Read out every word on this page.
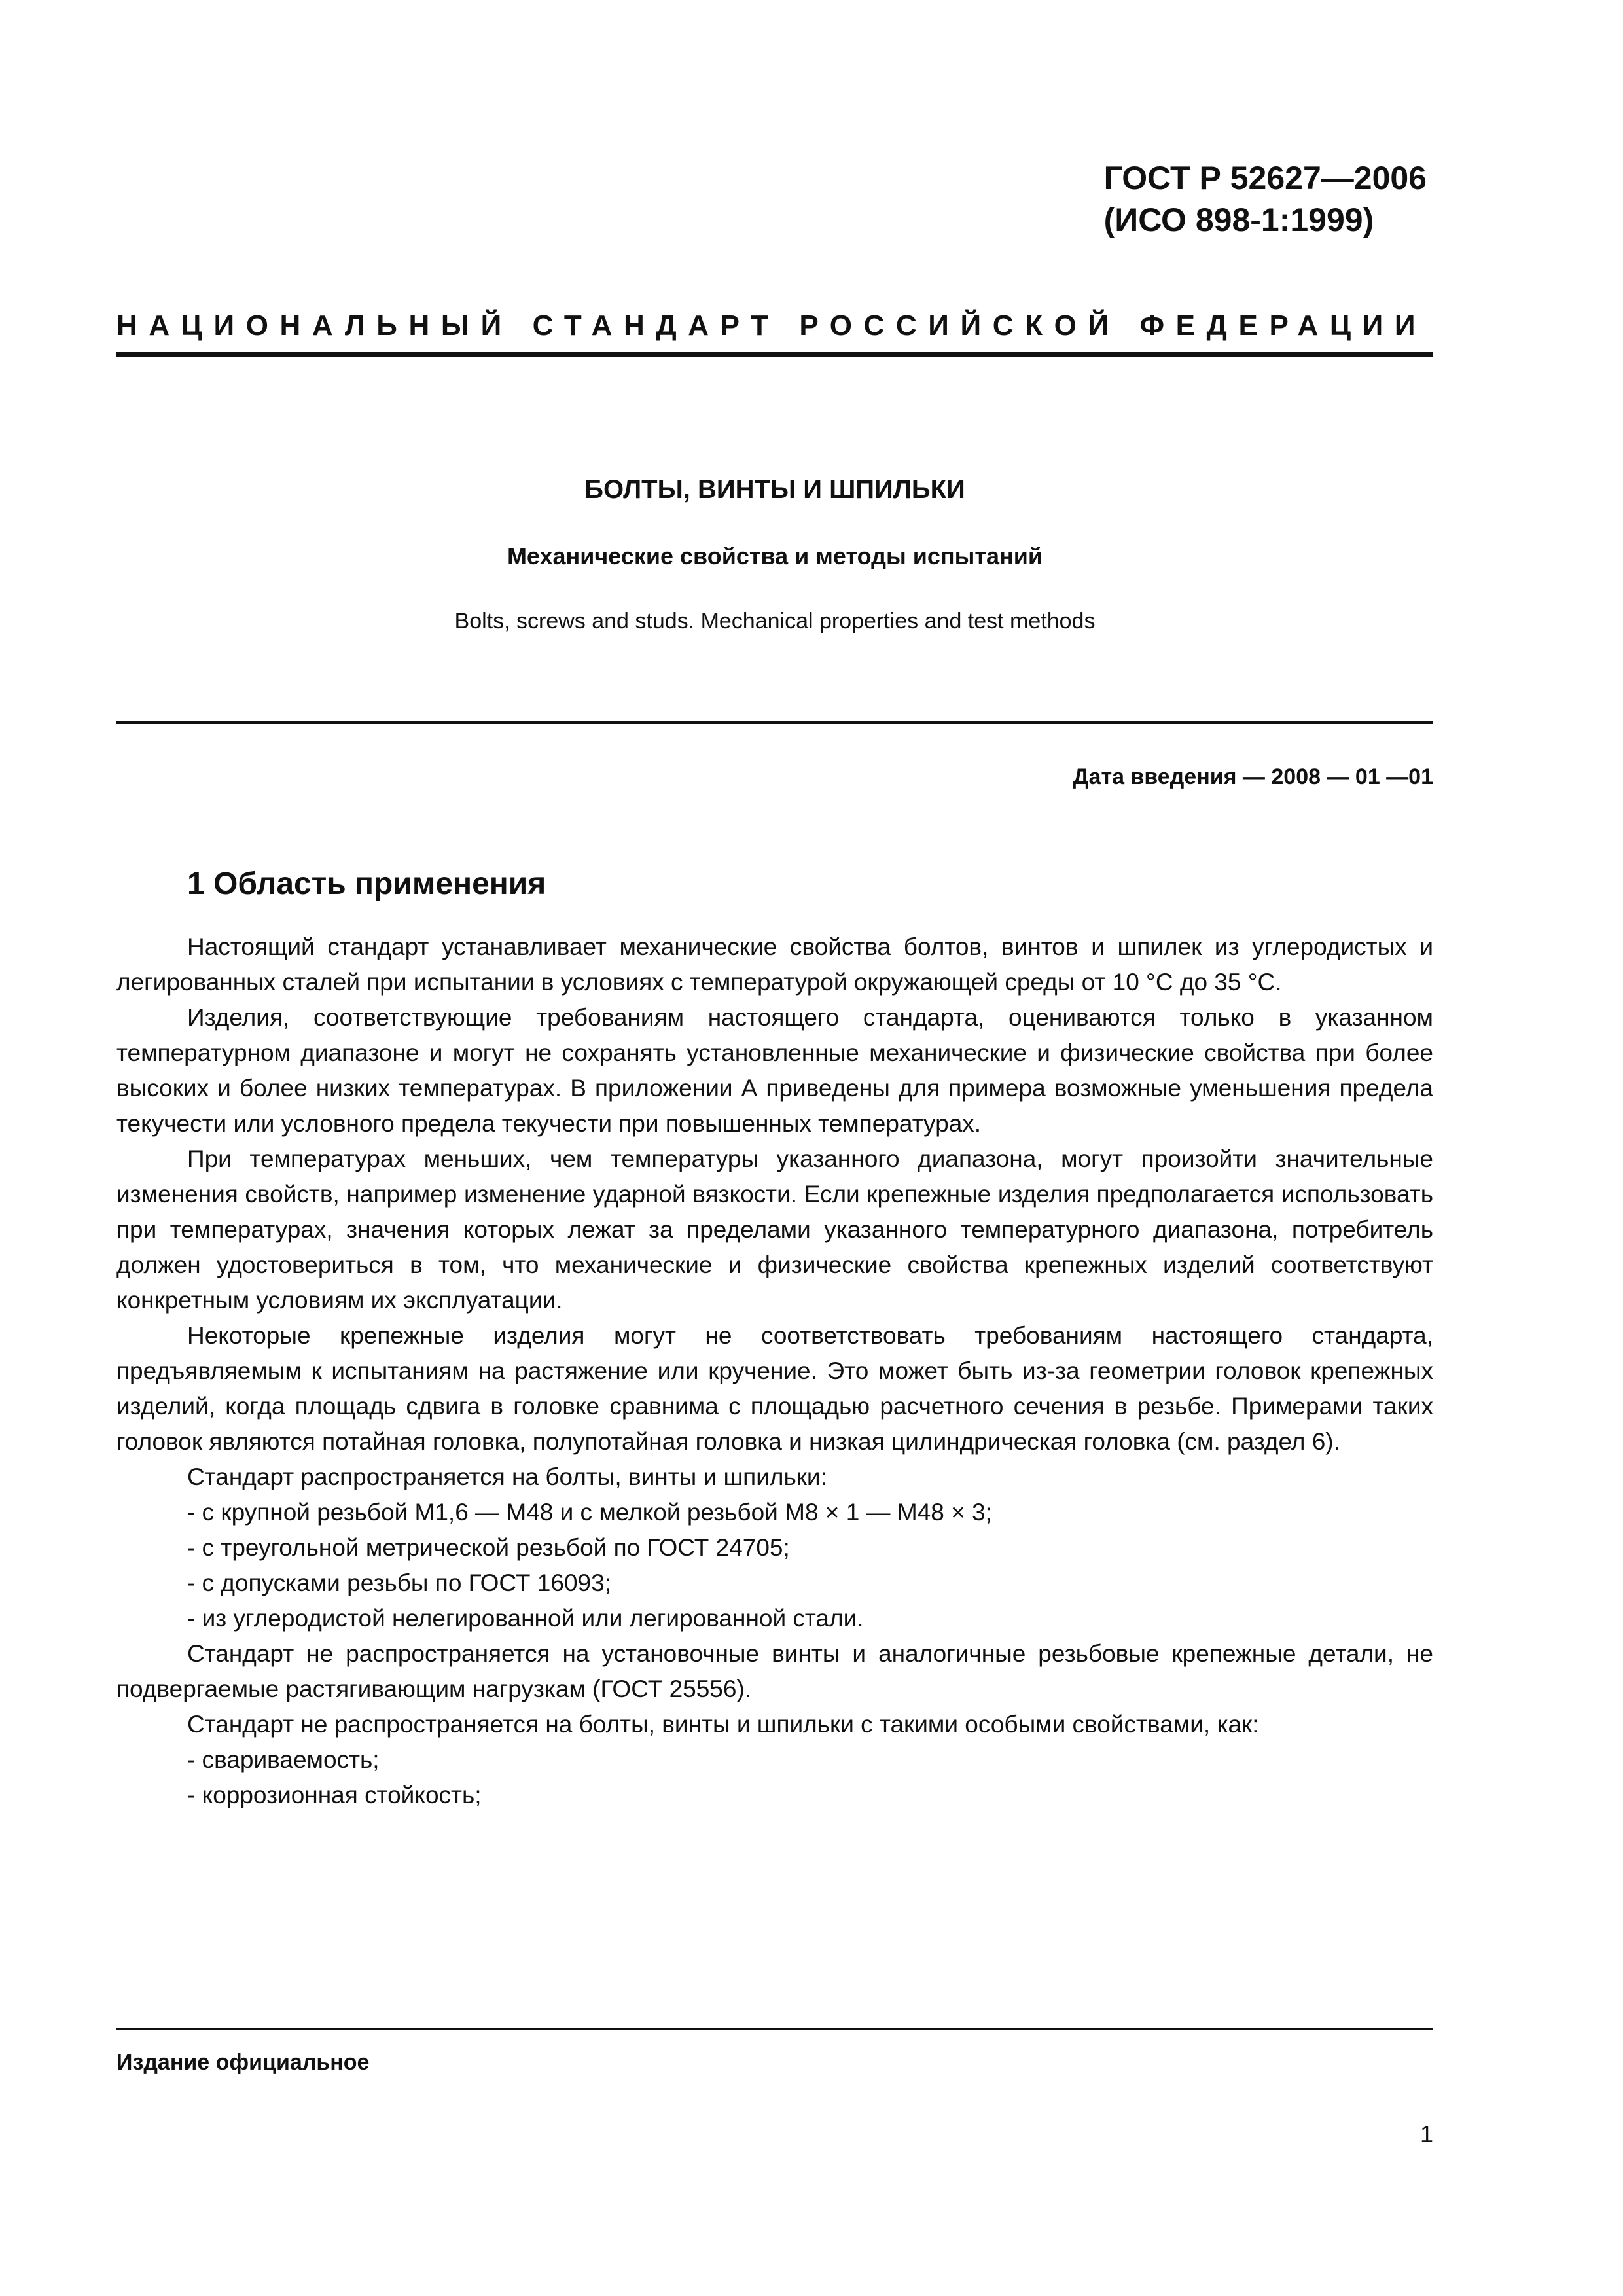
ГОСТ Р 52627—2006
(ИСО 898-1:1999)
НАЦИОНАЛЬНЫЙ СТАНДАРТ РОССИЙСКОЙ ФЕДЕРАЦИИ
БОЛТЫ, ВИНТЫ И ШПИЛЬКИ
Механические свойства и методы испытаний
Bolts, screws and studs. Mechanical properties and test methods
Дата введения — 2008 — 01 —01
1 Область применения

Настоящий стандарт устанавливает механические свойства болтов, винтов и шпилек из углеродистых и легированных сталей при испытании в условиях с температурой окружающей среды от 10 °С до 35 °С.

Изделия, соответствующие требованиям настоящего стандарта, оцениваются только в указанном температурном диапазоне и могут не сохранять установленные механические и физические свойства при более высоких и более низких температурах. В приложении А приведены для примера возможные уменьшения предела текучести или условного предела текучести при повышенных температурах.

При температурах меньших, чем температуры указанного диапазона, могут произойти значительные изменения свойств, например изменение ударной вязкости. Если крепежные изделия предполагается использовать при температурах, значения которых лежат за пределами указанного температурного диапазона, потребитель должен удостовериться в том, что механические и физические свойства крепежных изделий соответствуют конкретным условиям их эксплуатации.

Некоторые крепежные изделия могут не соответствовать требованиям настоящего стандарта, предъявляемым к испытаниям на растяжение или кручение. Это может быть из-за геометрии головок крепежных изделий, когда площадь сдвига в головке сравнима с площадью расчетного сечения в резьбе. Примерами таких головок являются потайная головка, полупотайная головка и низкая цилиндрическая головка (см. раздел 6).

Стандарт распространяется на болты, винты и шпильки:

- с крупной резьбой М1,6 — М48 и с мелкой резьбой М8 × 1 — М48 × 3;
- с треугольной метрической резьбой по ГОСТ 24705;
- с допусками резьбы по ГОСТ 16093;
- из углеродистой нелегированной или легированной стали.

Стандарт не распространяется на установочные винты и аналогичные резьбовые крепежные детали, не подвергаемые растягивающим нагрузкам (ГОСТ 25556).

Стандарт не распространяется на болты, винты и шпильки с такими особыми свойствами, как:

- свариваемость;
- коррозионная стойкость;
Издание официальное
1
